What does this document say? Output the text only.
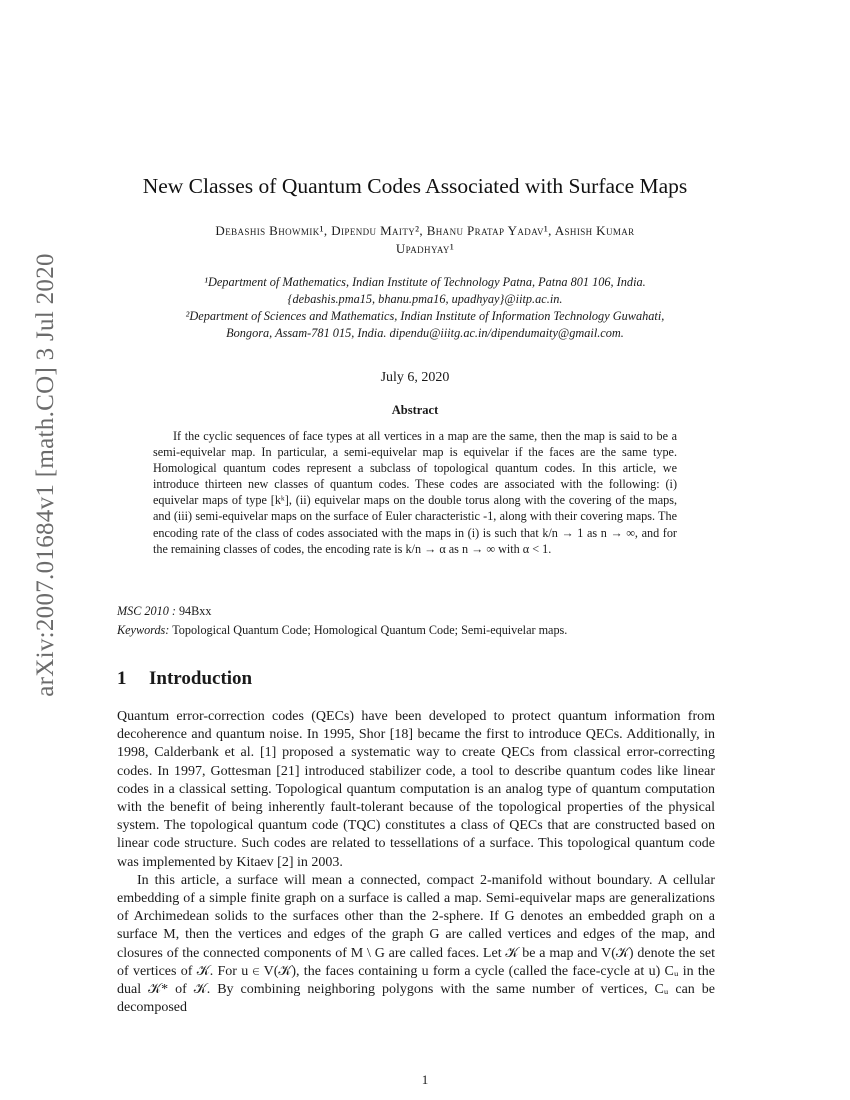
arXiv:2007.01684v1 [math.CO] 3 Jul 2020
New Classes of Quantum Codes Associated with Surface Maps
Debashis Bhowmik¹, Dipendu Maity², Bhanu Pratap Yadav¹, Ashish Kumar
Upadhyay¹
¹Department of Mathematics, Indian Institute of Technology Patna, Patna 801 106, India.
{debashis.pma15, bhanu.pma16, upadhyay}@iitp.ac.in.
²Department of Sciences and Mathematics, Indian Institute of Information Technology Guwahati,
Bongora, Assam-781 015, India. dipendu@iiitg.ac.in/dipendumaity@gmail.com.
July 6, 2020
Abstract

If the cyclic sequences of face types at all vertices in a map are the same, then the map is said to be a semi-equivelar map. In particular, a semi-equivelar map is equivelar if the faces are the same type. Homological quantum codes represent a subclass of topological quantum codes. In this article, we introduce thirteen new classes of quantum codes. These codes are associated with the following: (i) equivelar maps of type [kᵏ], (ii) equivelar maps on the double torus along with the covering of the maps, and (iii) semi-equivelar maps on the surface of Euler characteristic -1, along with their covering maps. The encoding rate of the class of codes associated with the maps in (i) is such that k/n → 1 as n → ∞, and for the remaining classes of codes, the encoding rate is k/n → α as n → ∞ with α < 1.

MSC 2010 : 94Bxx
Keywords: Topological Quantum Code; Homological Quantum Code; Semi-equivelar maps.
1 Introduction

Quantum error-correction codes (QECs) have been developed to protect quantum information from decoherence and quantum noise. In 1995, Shor [18] became the first to introduce QECs. Additionally, in 1998, Calderbank et al. [1] proposed a systematic way to create QECs from classical error-correcting codes. In 1997, Gottesman [21] introduced stabilizer code, a tool to describe quantum codes like linear codes in a classical setting. Topological quantum computation is an analog type of quantum computation with the benefit of being inherently fault-tolerant because of the topological properties of the physical system. The topological quantum code (TQC) constitutes a class of QECs that are constructed based on linear code structure. Such codes are related to tessellations of a surface. This topological quantum code was implemented by Kitaev [2] in 2003.

In this article, a surface will mean a connected, compact 2-manifold without boundary. A cellular embedding of a simple finite graph on a surface is called a map. Semi-equivelar maps are generalizations of Archimedean solids to the surfaces other than the 2-sphere. If G denotes an embedded graph on a surface M, then the vertices and edges of the graph G are called vertices and edges of the map, and closures of the connected components of M \ G are called faces. Let 𝒦 be a map and V(𝒦) denote the set of vertices of 𝒦. For u ∈ V(𝒦), the faces containing u form a cycle (called the face-cycle at u) Cᵤ in the dual 𝒦* of 𝒦. By combining neighboring polygons with the same number of vertices, Cᵤ can be decomposed

1
